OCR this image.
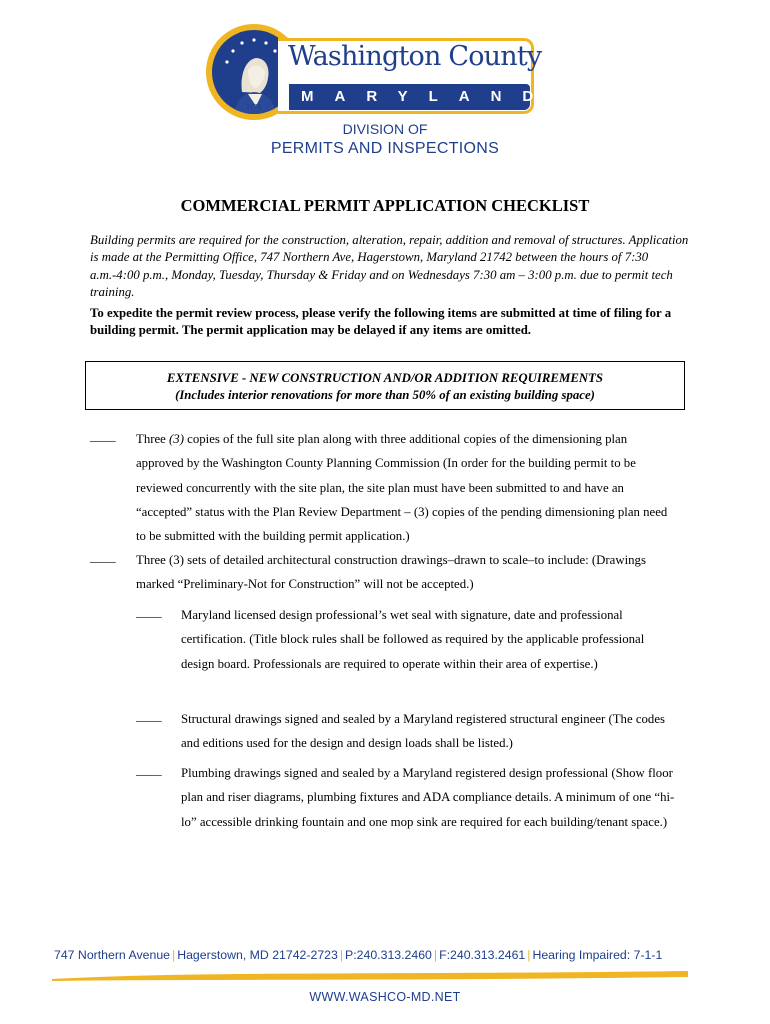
1776
Washington County
MARYLAND
DIVISION OF
PERMITS AND INSPECTIONS
COMMERCIAL PERMIT APPLICATION CHECKLIST
Building permits are required for the construction, alteration, repair, addition and removal of structures. Application is made at the Permitting Office, 747 Northern Ave, Hagerstown, Maryland 21742 between the hours of 7:30 a.m.-4:00 p.m., Monday, Tuesday, Thursday & Friday and on Wednesdays 7:30 am – 3:00 p.m. due to permit tech training.
To expedite the permit review process, please verify the following items are submitted at time of filing for a building permit. The permit application may be delayed if any items are omitted.
EXTENSIVE - NEW CONSTRUCTION AND/OR ADDITION REQUIREMENTS
(Includes interior renovations for more than 50% of an existing building space)
____ Three (3) copies of the full site plan along with three additional copies of the dimensioning plan approved by the Washington County Planning Commission (In order for the building permit to be reviewed concurrently with the site plan, the site plan must have been submitted to and have an “accepted” status with the Plan Review Department – (3) copies of the pending dimensioning plan need to be submitted with the building permit application.)
____ Three (3) sets of detailed architectural construction drawings–drawn to scale–to include: (Drawings marked “Preliminary-Not for Construction” will not be accepted.)
____ Maryland licensed design professional’s wet seal with signature, date and professional certification. (Title block rules shall be followed as required by the applicable professional design board. Professionals are required to operate within their area of expertise.)
____ Structural drawings signed and sealed by a Maryland registered structural engineer (The codes and editions used for the design and design loads shall be listed.)
____ Plumbing drawings signed and sealed by a Maryland registered design professional (Show floor plan and riser diagrams, plumbing fixtures and ADA compliance details. A minimum of one “hi-lo” accessible drinking fountain and one mop sink are required for each building/tenant space.)
747 Northern Avenue | Hagerstown, MD 21742-2723 | P:240.313.2460 | F:240.313.2461 | Hearing Impaired: 7-1-1
WWW.WASHCO-MD.NET
